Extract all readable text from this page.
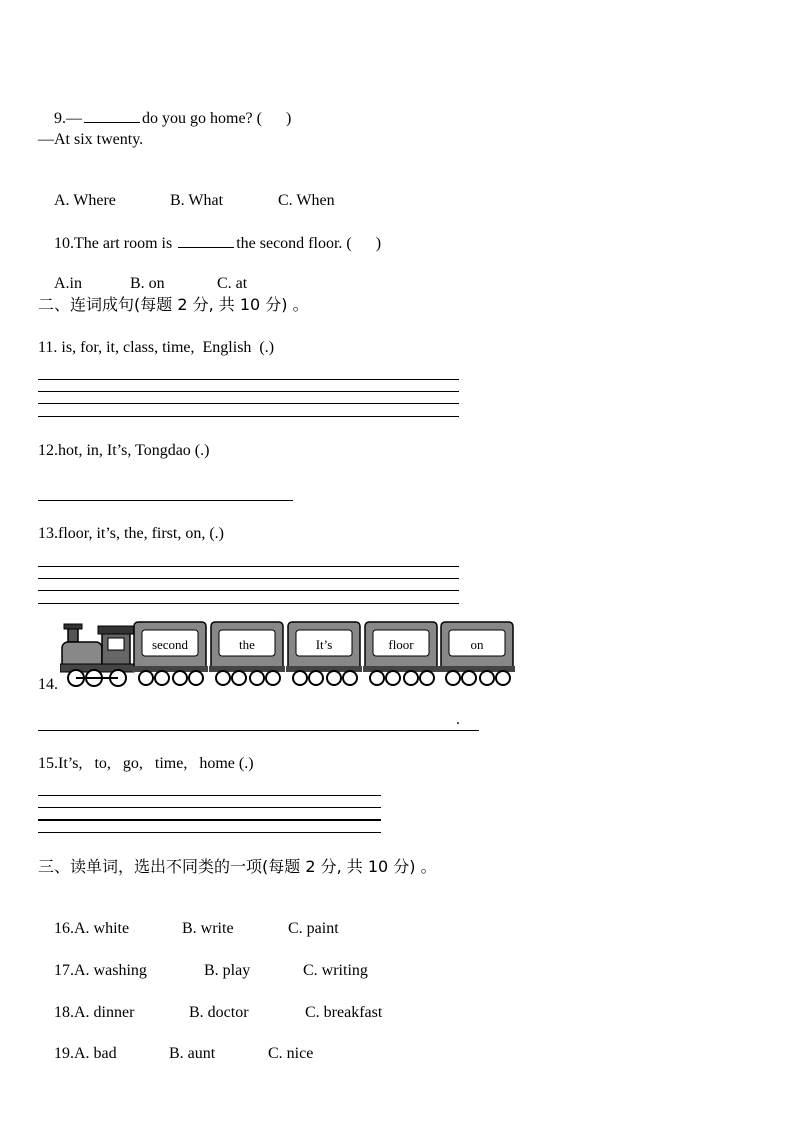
9.—	do you go home? (      )

—At six twenty.

A. Where	B. What	C. When

10.The art room is	the second floor. (      )

A.in	B. on	C. at

二、连词成句(每题 2 分, 共 10 分) 。
11. is, for, it, class, time,  English  (.)
12.hot, in, It’s, Tongdao (.)
13.floor, it’s, the, first, on, (.)
14.
second	the	It’s	floor	on
.
15.It’s,   to,   go,   time,   home (.)
三、读单词，选出不同类的一项(每题 2 分, 共 10 分) 。

16.A. white	B. write	C. paint

17.A. washing	B. play	C. writing

18.A. dinner	B. doctor	C. breakfast

19.A. bad	B. aunt	C. nice
